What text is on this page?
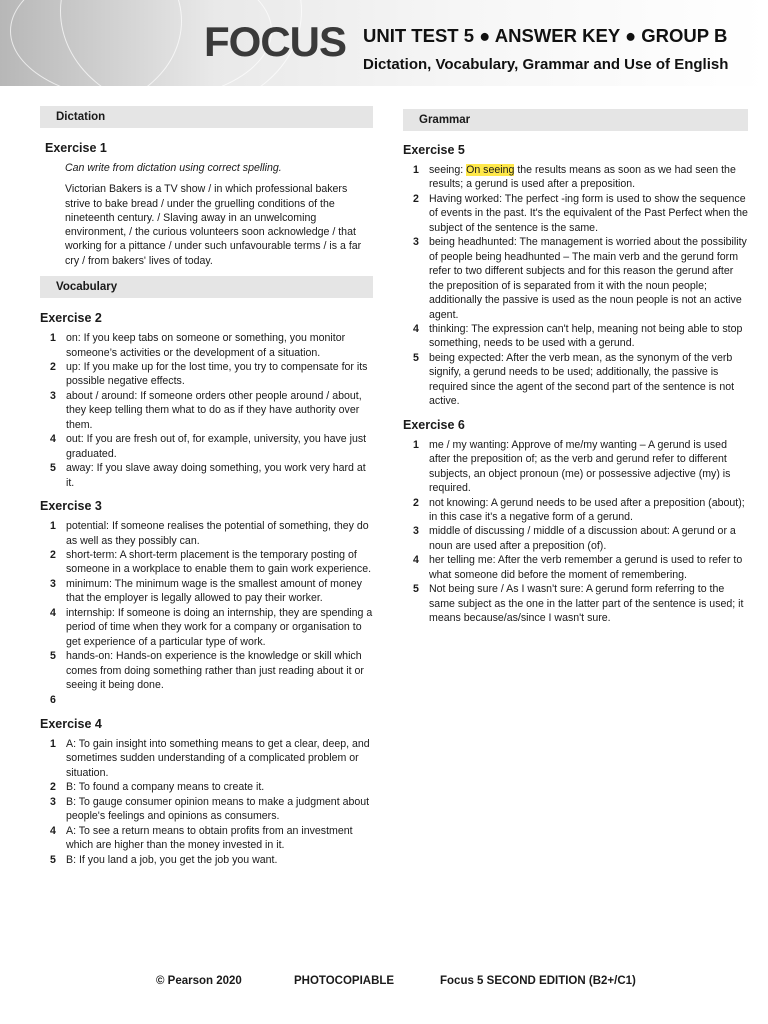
FOCUS UNIT TEST 5 ● ANSWER KEY ● GROUP B
Dictation, Vocabulary, Grammar and Use of English
Dictation
Exercise 1
Can write from dictation using correct spelling.
Victorian Bakers is a TV show / in which professional bakers strive to bake bread / under the gruelling conditions of the nineteenth century. / Slaving away in an unwelcoming environment, / the curious volunteers soon acknowledge / that working for a pittance / under such unfavourable terms / is a far cry / from bakers' lives of today.
Vocabulary
Exercise 2
1 on: If you keep tabs on someone or something, you monitor someone’s activities or the development of a situation.
2 up: If you make up for the lost time, you try to compensate for its possible negative effects.
3 about / around: If someone orders other people around / about, they keep telling them what to do as if they have authority over them.
4 out: If you are fresh out of, for example, university, you have just graduated.
5 away: If you slave away doing something, you work very hard at it.
Exercise 3
1 potential: If someone realises the potential of something, they do as well as they possibly can.
2 short-term: A short-term placement is the temporary posting of someone in a workplace to enable them to gain work experience.
3 minimum: The minimum wage is the smallest amount of money that the employer is legally allowed to pay their worker.
4 internship: If someone is doing an internship, they are spending a period of time when they work for a company or organisation to get experience of a particular type of work.
5 hands-on: Hands-on experience is the knowledge or skill which comes from doing something rather than just reading about it or seeing it being done.
6
Exercise 4
1 A: To gain insight into something means to get a clear, deep, and sometimes sudden understanding of a complicated problem or situation.
2 B: To found a company means to create it.
3 B: To gauge consumer opinion means to make a judgment about people's feelings and opinions as consumers.
4 A: To see a return means to obtain profits from an investment which are higher than the money invested in it.
5 B: If you land a job, you get the job you want.
Grammar
Exercise 5
1 seeing: On seeing the results means as soon as we had seen the results; a gerund is used after a preposition.
2 Having worked: The perfect -ing form is used to show the sequence of events in the past. It's the equivalent of the Past Perfect when the subject of the sentence is the same.
3 being headhunted: The management is worried about the possibility of people being headhunted – The main verb and the gerund form refer to two different subjects and for this reason the gerund after the preposition of is separated from it with the noun people; additionally the passive is used as the noun people is not an active agent.
4 thinking: The expression can't help, meaning not being able to stop something, needs to be used with a gerund.
5 being expected: After the verb mean, as the synonym of the verb signify, a gerund needs to be used; additionally, the passive is required since the agent of the second part of the sentence is not active.
Exercise 6
1 me / my wanting: Approve of me/my wanting – A gerund is used after the preposition of; as the verb and gerund refer to different subjects, an object pronoun (me) or possessive adjective (my) is required.
2 not knowing: A gerund needs to be used after a preposition (about); in this case it's a negative form of a gerund.
3 middle of discussing / middle of a discussion about: A gerund or a noun are used after a preposition (of).
4 her telling me: After the verb remember a gerund is used to refer to what someone did before the moment of remembering.
5 Not being sure / As I wasn't sure: A gerund form referring to the same subject as the one in the latter part of the sentence is used; it means because/as/since I wasn't sure.
© Pearson 2020	PHOTOCOPIABLE	Focus 5 SECOND EDITION (B2+/C1)
